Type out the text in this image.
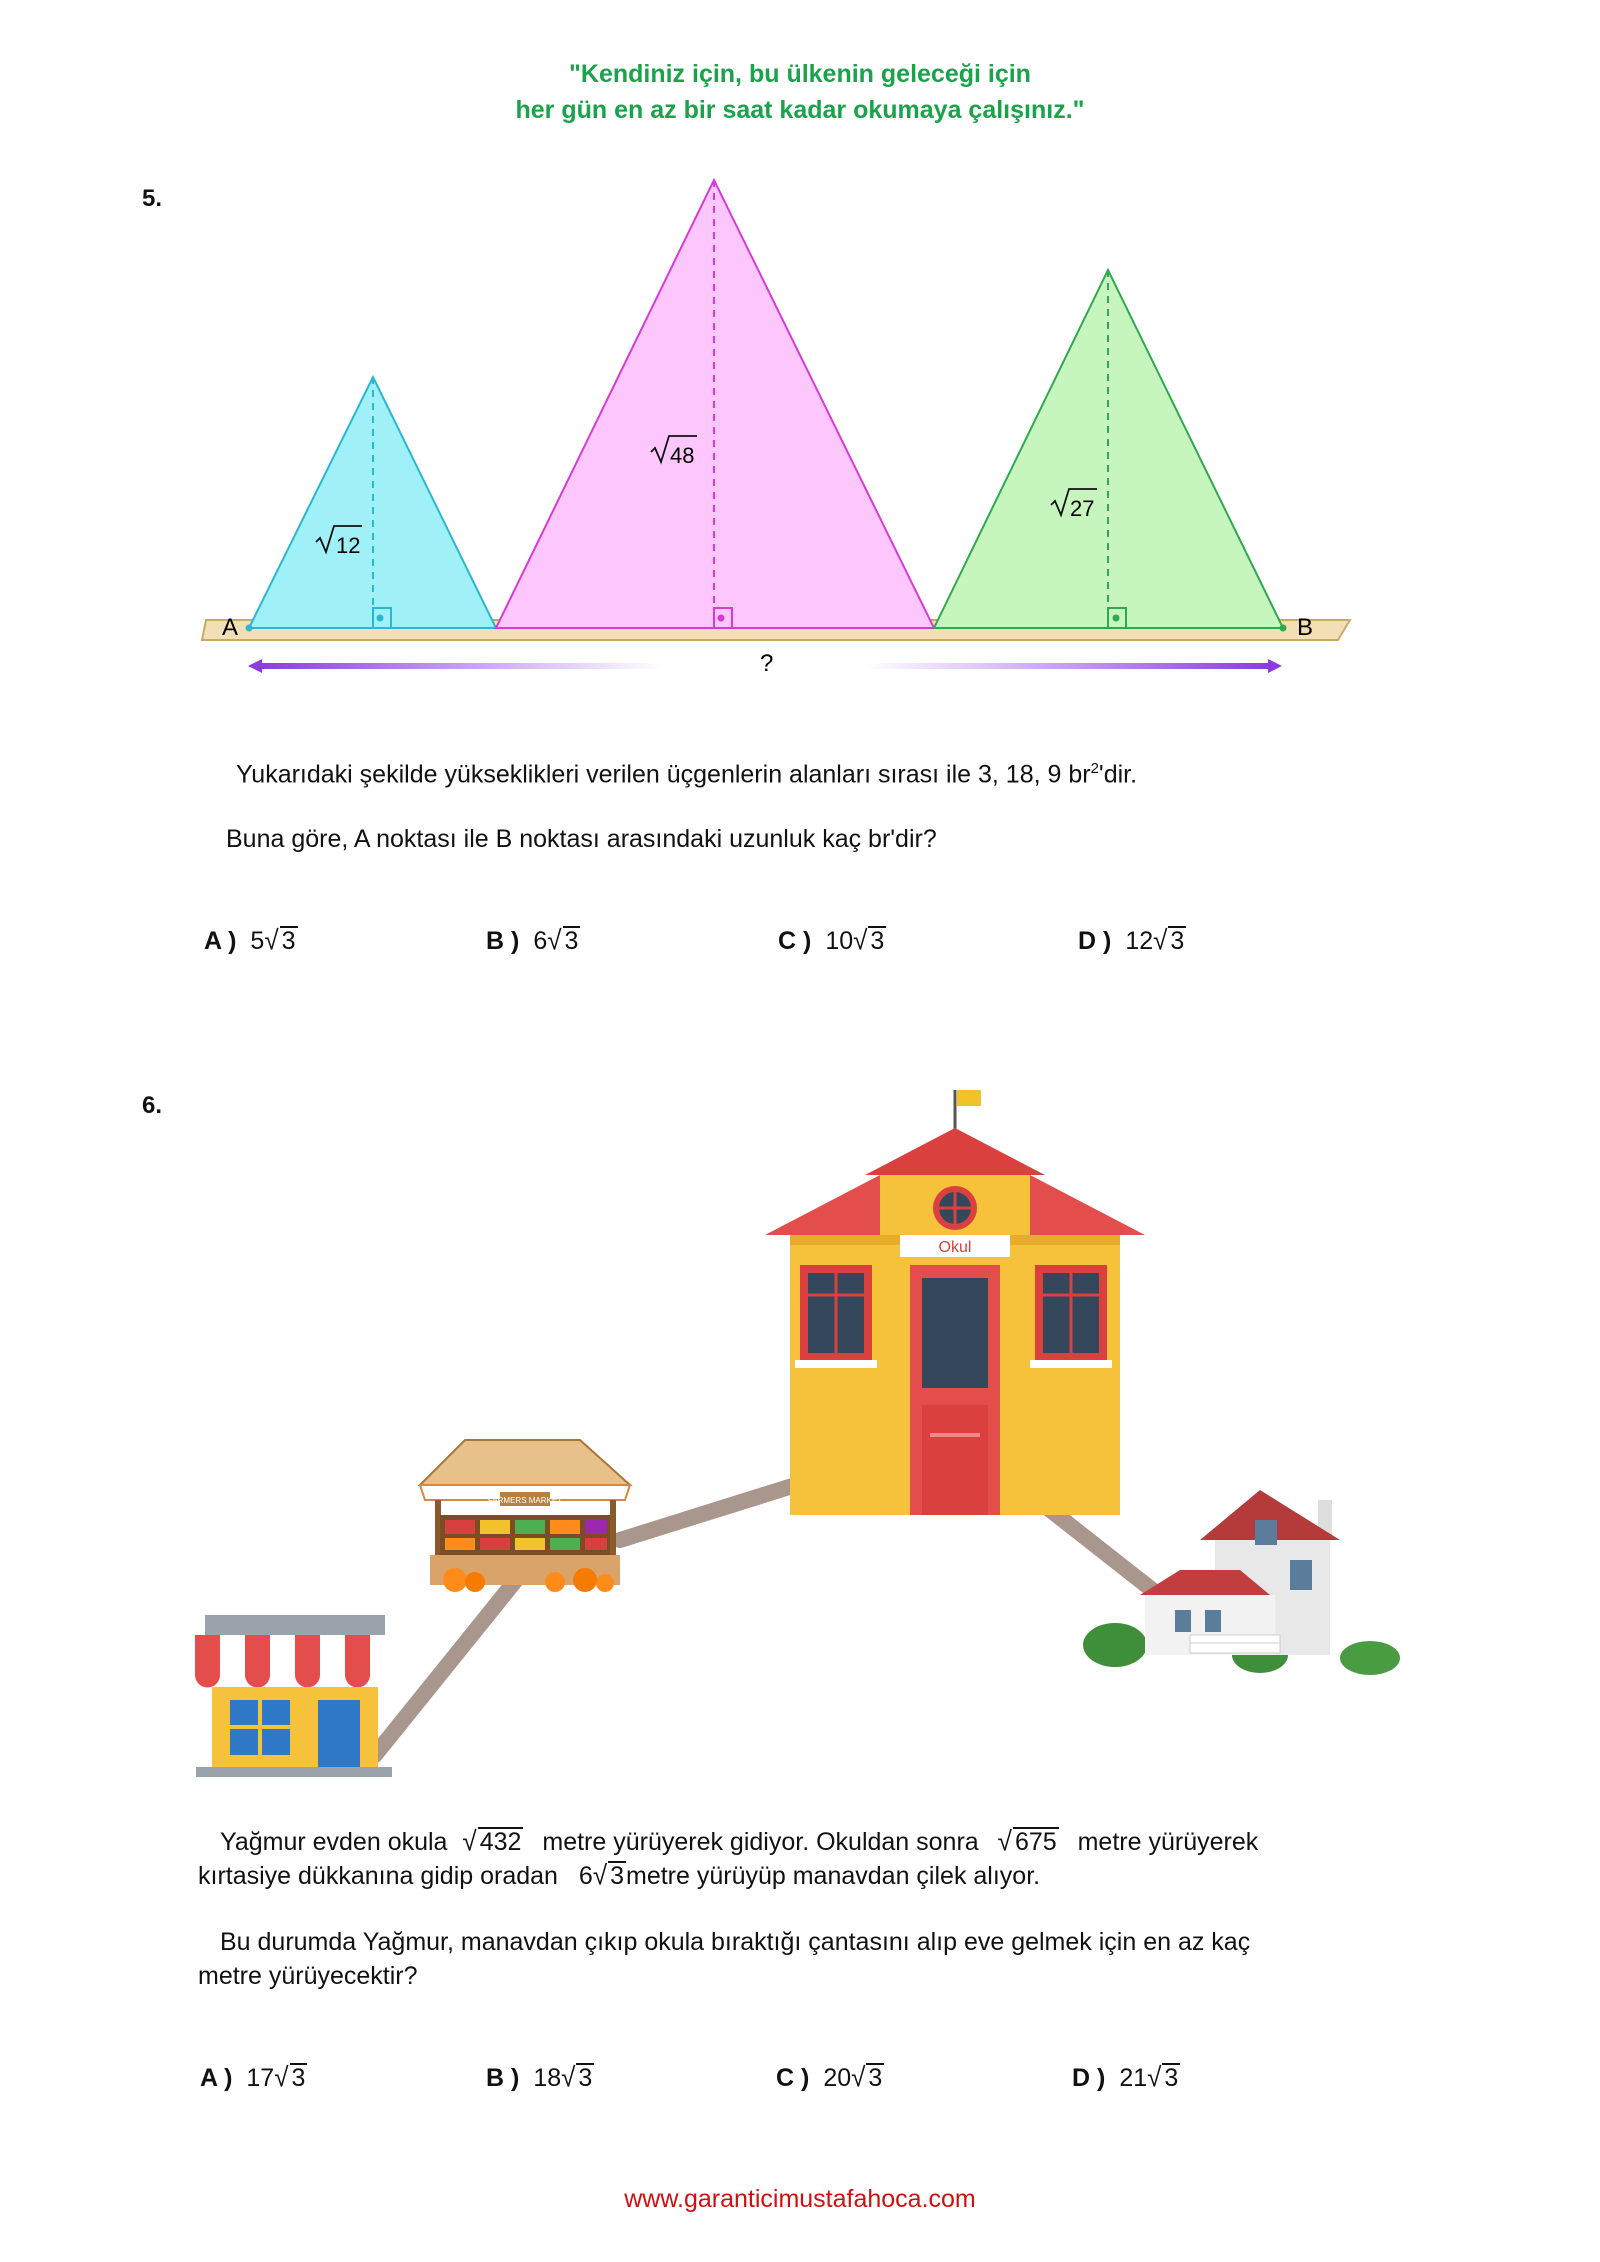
"Kendiniz için, bu ülkenin geleceği için
her gün en az bir saat kadar okumaya çalışınız."
5.
12
48
27
A	B
?
Yukarıdaki şekilde yükseklikleri verilen üçgenlerin alanları sırası ile 3, 18, 9 $br^2'dir$.
Buna göre, A noktası ile B noktası arasındaki uzunluk kaç br'dir?
A ) 5√ 3	B ) 6√ 3	C ) 10√ 3	D ) 12√ 3
6.
Okul
FARMERS MARKET
Yağmur evden okula √ 432 metre yürüyerek gidiyor. Okuldan sonra √ 675 metre yürüyerek
kırtasiye dükkanına gidip oradan 6√ 3metre yürüyüp manavdan çilek alıyor.
Bu durumda Yağmur, manavdan çıkıp okula bıraktığı çantasını alıp eve gelmek için en az kaç
metre yürüyecektir?
A ) 17√ 3	B ) 18√ 3	C ) 20√ 3	D ) 21√ 3
www.garanticimustafahoca.com
